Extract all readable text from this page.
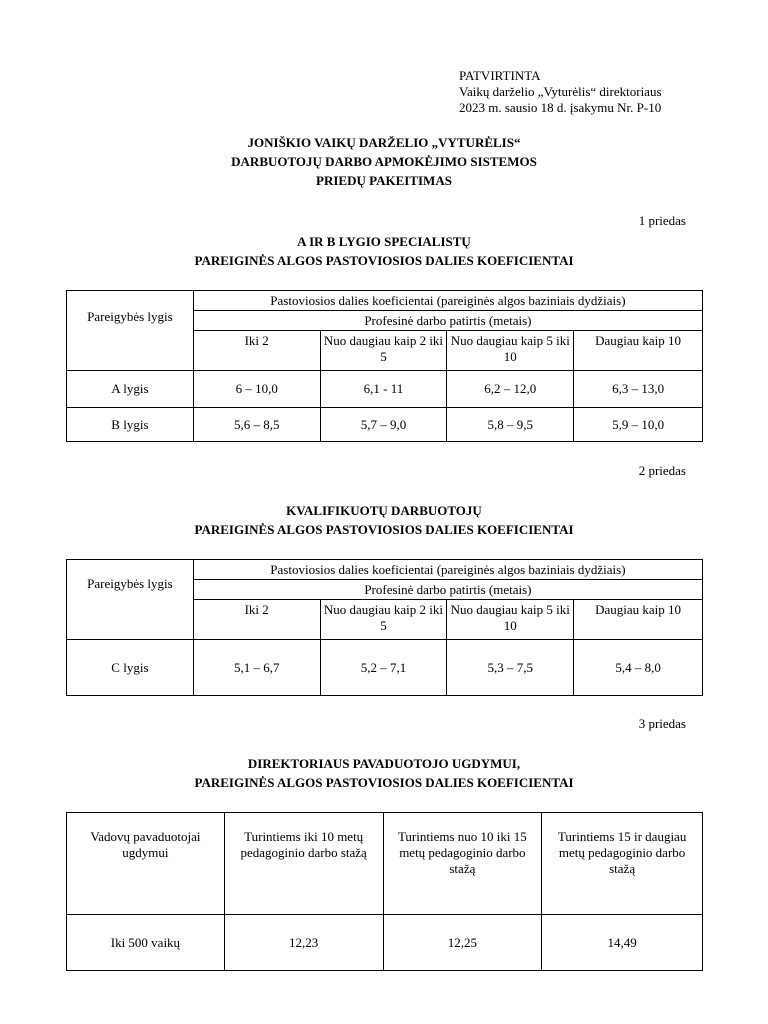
PATVIRTINTA
Vaikų darželio „Vyturėlis“ direktoriaus
2023 m. sausio 18 d. įsakymu Nr. P-10
JONIŠKIO VAIKŲ DARŽELIO „VYTURĖLIS“
DARBUOTOJŲ DARBO APMOKĖJIMO SISTEMOS
PRIEDŲ PAKEITIMAS
1 priedas
A IR B LYGIO SPECIALISTŲ
PAREIGINĖS ALGOS PASTOVIOSIOS DALIES KOEFICIENTAI
Pareigybės lygis	Pastoviosios dalies koeficientai (pareiginės algos baziniais dydžiais)			
	Profesinė darbo patirtis (metais)			
	Iki 2	Nuo daugiau kaip 2 iki 5	Nuo daugiau kaip 5 iki 10	Daugiau kaip 10
A lygis	6 – 10,0	6,1 - 11	6,2 – 12,0	6,3 – 13,0
B lygis	5,6 – 8,5	5,7 – 9,0	5,8 – 9,5	5,9 – 10,0
2 priedas
KVALIFIKUOTŲ DARBUOTOJŲ
PAREIGINĖS ALGOS PASTOVIOSIOS DALIES KOEFICIENTAI
Pareigybės lygis	Pastoviosios dalies koeficientai (pareiginės algos baziniais dydžiais)			
	Profesinė darbo patirtis (metais)			
	Iki 2	Nuo daugiau kaip 2 iki 5	Nuo daugiau kaip 5 iki 10	Daugiau kaip 10
C lygis	5,1 – 6,7	5,2 – 7,1	5,3 – 7,5	5,4 – 8,0
3 priedas
DIREKTORIAUS PAVADUOTOJO UGDYMUI,
PAREIGINĖS ALGOS PASTOVIOSIOS DALIES KOEFICIENTAI
Vadovų pavaduotojai ugdymui	Turintiems iki 10 metų pedagoginio darbo stažą	Turintiems nuo 10 iki 15 metų pedagoginio darbo stažą	Turintiems 15 ir daugiau metų pedagoginio darbo stažą
Iki 500 vaikų	12,23	12,25	14,49
